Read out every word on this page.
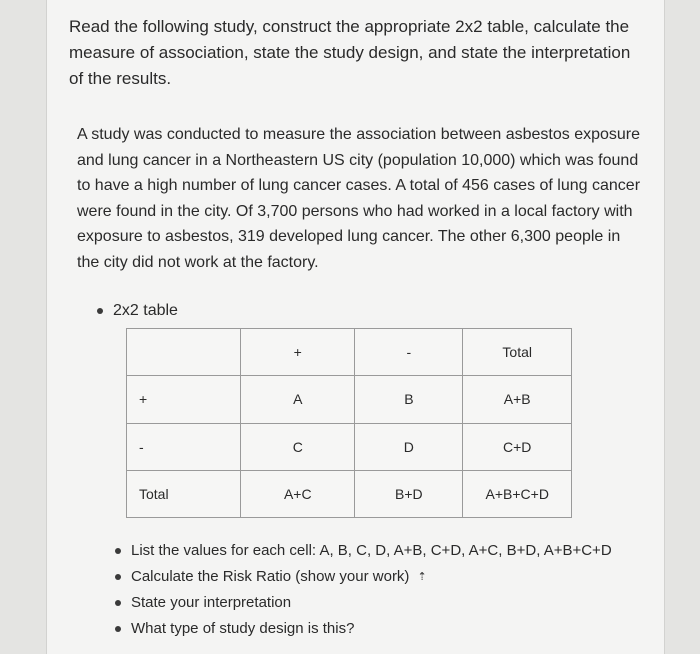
Read the following study, construct the appropriate 2x2 table, calculate the measure of association, state the study design, and state the interpretation of the results.

A study was conducted to measure the association between asbestos exposure and lung cancer in a Northeastern US city (population 10,000) which was found to have a high number of lung cancer cases. A total of 456 cases of lung cancer were found in the city. Of 3,700 persons who had worked in a local factory with exposure to asbestos, 319 developed lung cancer. The other 6,300 people in the city did not work at the factory.

2x2 table
	+	-	Total
+	A	B	A+B
-	C	D	C+D
Total	A+C	B+D	A+B+C+D
List the values for each cell: A, B, C, D, A+B, C+D, A+C, B+D, A+B+C+D
Calculate the Risk Ratio (show your work) ⇡
State your interpretation
What type of study design is this?
